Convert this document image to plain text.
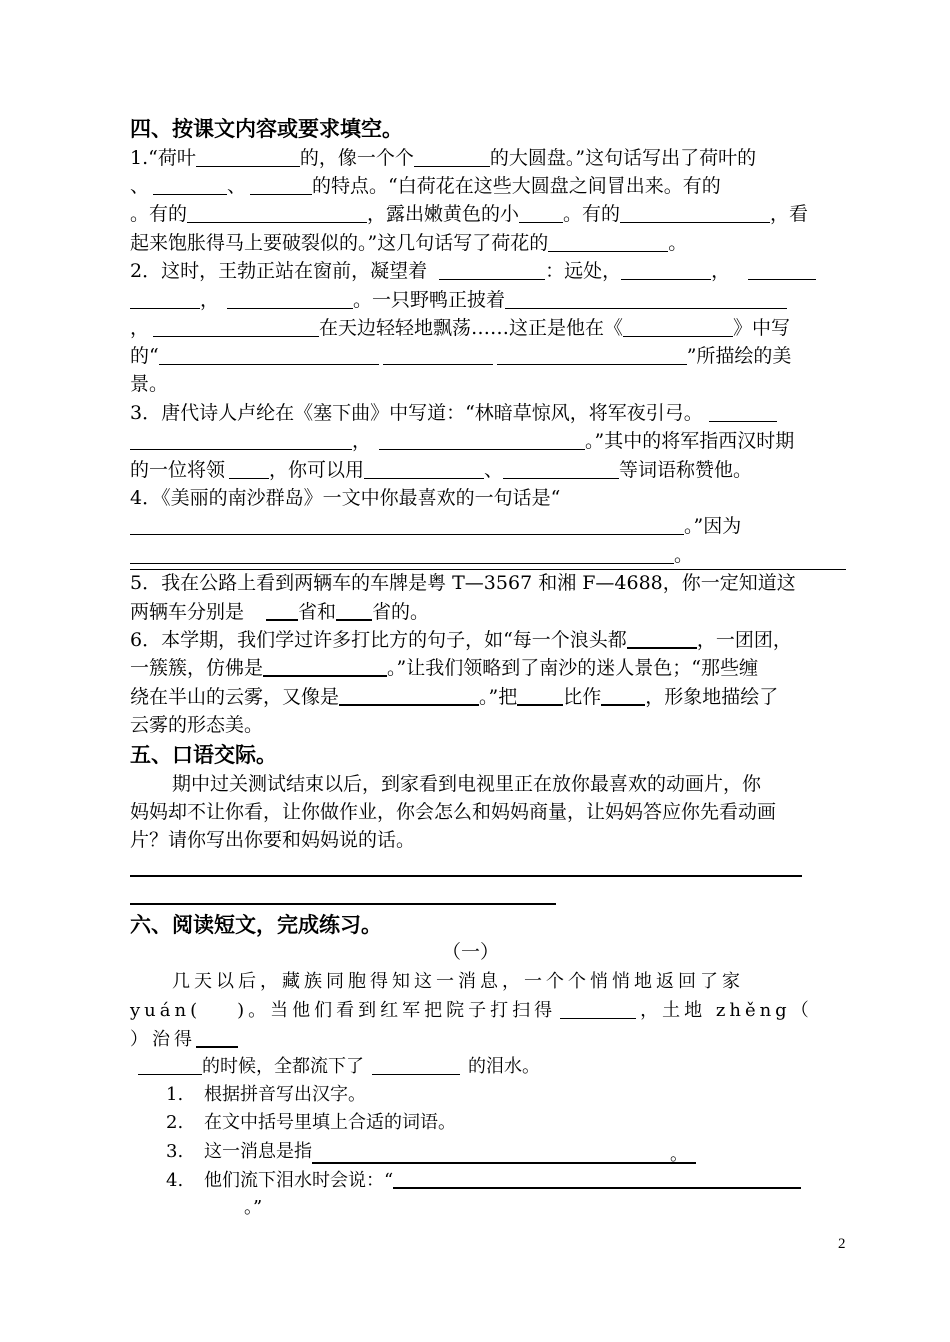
四、按课文内容或要求填空。
1.“荷叶	的，像一个个	的大圆盘。”这句话写出了荷叶的
、	、	的特点。“白荷花在这些大圆盘之间冒出来。有的
。有的	，露出嫩黄色的小 。有的	，看
起来饱胀得马上要破裂似的。”这几句话写了荷花的	。
2．这时，王勃正站在窗前，凝望着	：远处，	，
，	。一只野鸭正披着
，	在天边轻轻地飘荡……这正是他在《	》中写
的“	”所描绘的美
景。
3．唐代诗人卢纶在《塞下曲》中写道：“林暗草惊风，将军夜引弓。
，	。”其中的将军指西汉时期
的一位将领 ，你可以用	、	等词语称赞他。
4．《美丽的南沙群岛》一文中你最喜欢的一句话是“
。”因为
。
5．我在公路上看到两辆车的车牌是粤 T—3567 和湘 F—4688，你一定知道这
两辆车分别是	省和 省的。
6．本学期，我们学过许多打比方的句子，如“每一个浪头都	，一团团，
一簇簇，仿佛是	。”让我们领略到了南沙的迷人景色；“那些缠
绕在半山的云雾，又像是	。”把 比作 ，形象地描绘了
云雾的形态美。
五、口语交际。
期中过关测试结束以后，到家看到电视里正在放你最喜欢的动画片，你
妈妈却不让你看，让你做作业，你会怎么和妈妈商量，让妈妈答应你先看动画
片？请你写出你要和妈妈说的话。
六、阅读短文，完成练习。
（一）
几天以后，藏族同胞得知这一消息，一个个悄悄地返回了家
yuán( )。当他们看到红军把院子打扫得	，土地 zhěng（
）治得
的时候，全都流下了	的泪水。
1. 根据拼音写出汉字。
2. 在文中括号里填上合适的词语。
3. 这一消息是指	。
4. 他们流下泪水时会说：“
。”
2
